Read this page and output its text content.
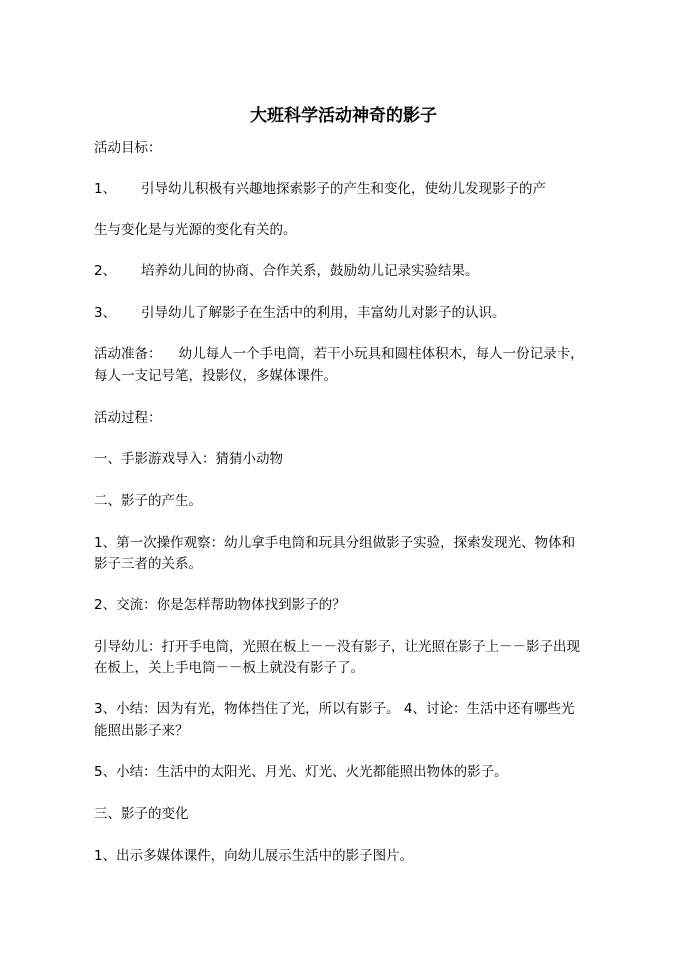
大班科学活动神奇的影子
活动目标：
1、 引导幼儿积极有兴趣地探索影子的产生和变化，使幼儿发现影子的产
生与变化是与光源的变化有关的。
2、 培养幼儿间的协商、合作关系，鼓励幼儿记录实验结果。
3、 引导幼儿了解影子在生活中的利用，丰富幼儿对影子的认识。
活动准备：    幼儿每人一个手电筒，若干小玩具和圆柱体积木，每人一份记录卡，
每人一支记号笔，投影仪，多媒体课件。
活动过程：
一、手影游戏导入：猜猜小动物
二、影子的产生。
1、第一次操作观察：幼儿拿手电筒和玩具分组做影子实验，探索发现光、物体和
影子三者的关系。
2、交流：你是怎样帮助物体找到影子的？
引导幼儿：打开手电筒，光照在板上－－没有影子，让光照在影子上－－影子出现
在板上，关上手电筒－－板上就没有影子了。
3、小结：因为有光，物体挡住了光，所以有影子。 4、讨论：生活中还有哪些光
能照出影子来？
5、小结：生活中的太阳光、月光、灯光、火光都能照出物体的影子。
三、影子的变化
1、出示多媒体课件，向幼儿展示生活中的影子图片。
